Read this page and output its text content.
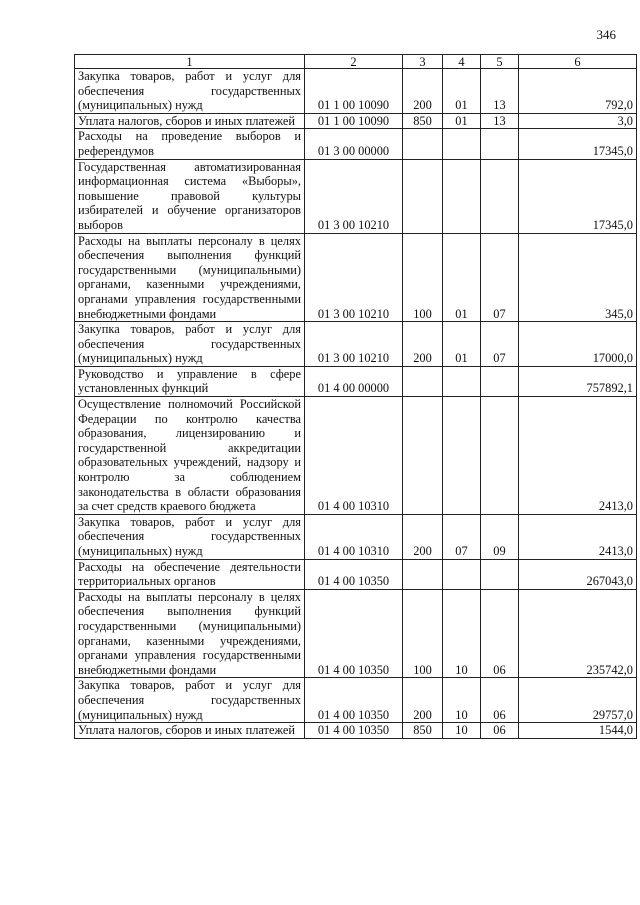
346
1	2	3	4	5	6
Закупка товаров, работ и услуг для обеспечения государственных (муниципальных) нужд	01 1 00 10090	200	01	13	792,0
Уплата налогов, сборов и иных платежей	01 1 00 10090	850	01	13	3,0
Расходы на проведение выборов и референдумов	01 3 00 00000				17345,0
Государственная автоматизированная информационная система «Выборы», повышение правовой культуры избирателей и обучение организаторов выборов	01 3 00 10210				17345,0
Расходы на выплаты персоналу в целях обеспечения выполнения функций государственными (муниципальными) органами, казенными учреждениями, органами управления государственными внебюджетными фондами	01 3 00 10210	100	01	07	345,0
Закупка товаров, работ и услуг для обеспечения государственных (муниципальных) нужд	01 3 00 10210	200	01	07	17000,0
Руководство и управление в сфере установленных функций	01 4 00 00000				757892,1
Осуществление полномочий Российской Федерации по контролю качества образования, лицензированию и государственной аккредитации образовательных учреждений, надзору и контролю за соблюдением законодательства в области образования за счет средств краевого бюджета	01 4 00 10310				2413,0
Закупка товаров, работ и услуг для обеспечения государственных (муниципальных) нужд	01 4 00 10310	200	07	09	2413,0
Расходы на обеспечение деятельности территориальных органов	01 4 00 10350				267043,0
Расходы на выплаты персоналу в целях обеспечения выполнения функций государственными (муниципальными) органами, казенными учреждениями, органами управления государственными внебюджетными фондами	01 4 00 10350	100	10	06	235742,0
Закупка товаров, работ и услуг для обеспечения государственных (муниципальных) нужд	01 4 00 10350	200	10	06	29757,0
Уплата налогов, сборов и иных платежей	01 4 00 10350	850	10	06	1544,0
